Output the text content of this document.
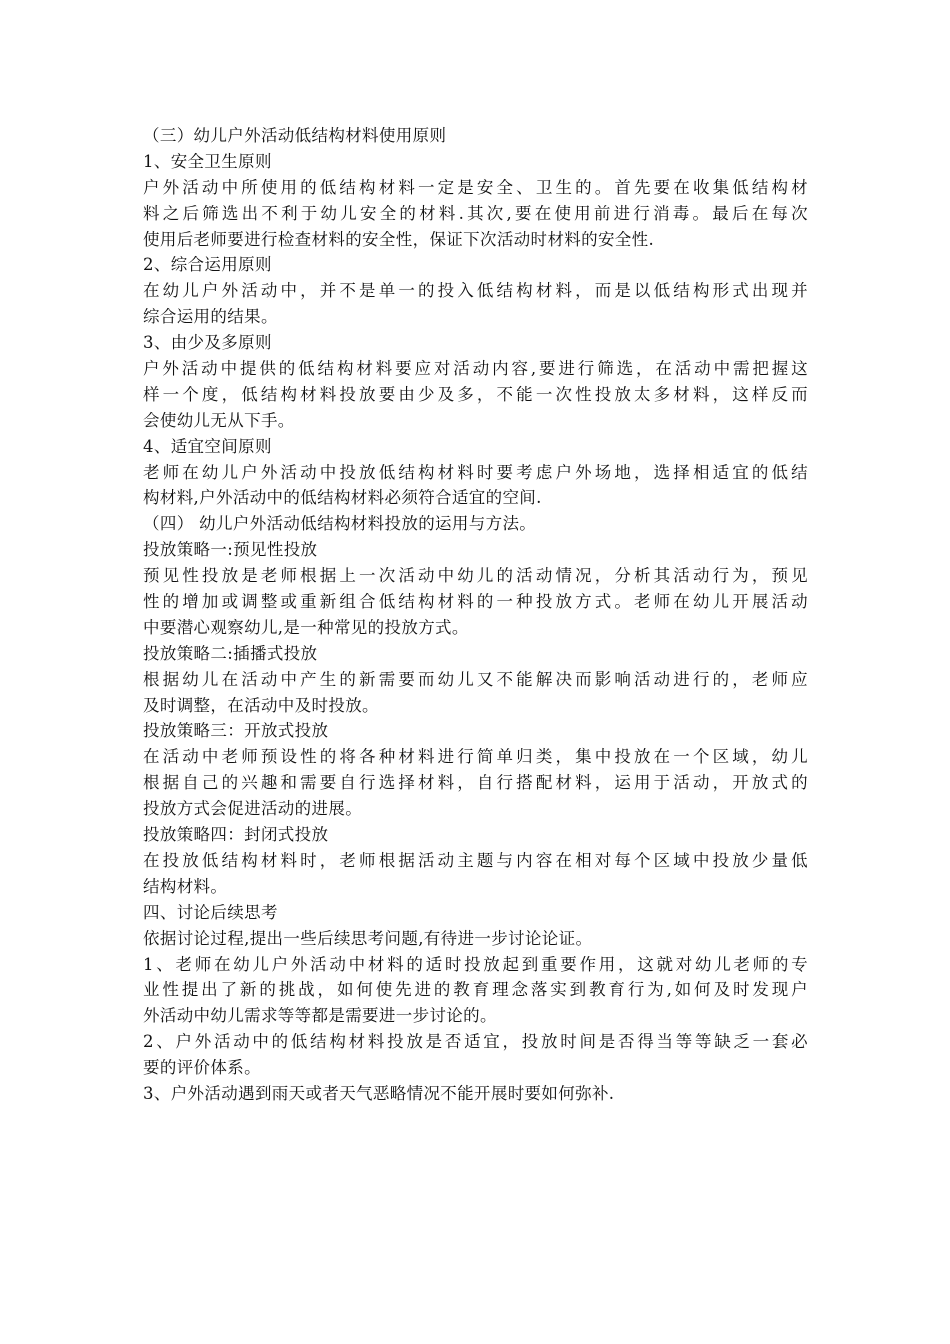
（三）幼儿户外活动低结构材料使用原则
1、安全卫生原则
户外活动中所使用的低结构材料一定是安全、卫生的。首先要在收集低结构材
料之后筛选出不利于幼儿安全的材料.其次,要在使用前进行消毒。最后在每次
使用后老师要进行检查材料的安全性，保证下次活动时材料的安全性.
2、综合运用原则
在幼儿户外活动中，并不是单一的投入低结构材料，而是以低结构形式出现并
综合运用的结果。
3、由少及多原则
户外活动中提供的低结构材料要应对活动内容,要进行筛选，在活动中需把握这
样一个度，低结构材料投放要由少及多，不能一次性投放太多材料，这样反而
会使幼儿无从下手。
4、适宜空间原则
老师在幼儿户外活动中投放低结构材料时要考虑户外场地，选择相适宜的低结
构材料,户外活动中的低结构材料必须符合适宜的空间.
（四） 幼儿户外活动低结构材料投放的运用与方法。
投放策略一:预见性投放
预见性投放是老师根据上一次活动中幼儿的活动情况，分析其活动行为，预见
性的增加或调整或重新组合低结构材料的一种投放方式。老师在幼儿开展活动
中要潜心观察幼儿,是一种常见的投放方式。
投放策略二:插播式投放
根据幼儿在活动中产生的新需要而幼儿又不能解决而影响活动进行的，老师应
及时调整，在活动中及时投放。
投放策略三：开放式投放
在活动中老师预设性的将各种材料进行简单归类，集中投放在一个区域，幼儿
根据自己的兴趣和需要自行选择材料，自行搭配材料，运用于活动，开放式的
投放方式会促进活动的进展。
投放策略四：封闭式投放
在投放低结构材料时，老师根据活动主题与内容在相对每个区域中投放少量低
结构材料。
四、讨论后续思考
依据讨论过程,提出一些后续思考问题,有待进一步讨论论证。
1、老师在幼儿户外活动中材料的适时投放起到重要作用，这就对幼儿老师的专
业性提出了新的挑战，如何使先进的教育理念落实到教育行为,如何及时发现户
外活动中幼儿需求等等都是需要进一步讨论的。
2、户外活动中的低结构材料投放是否适宜，投放时间是否得当等等缺乏一套必
要的评价体系。
3、户外活动遇到雨天或者天气恶略情况不能开展时要如何弥补.
